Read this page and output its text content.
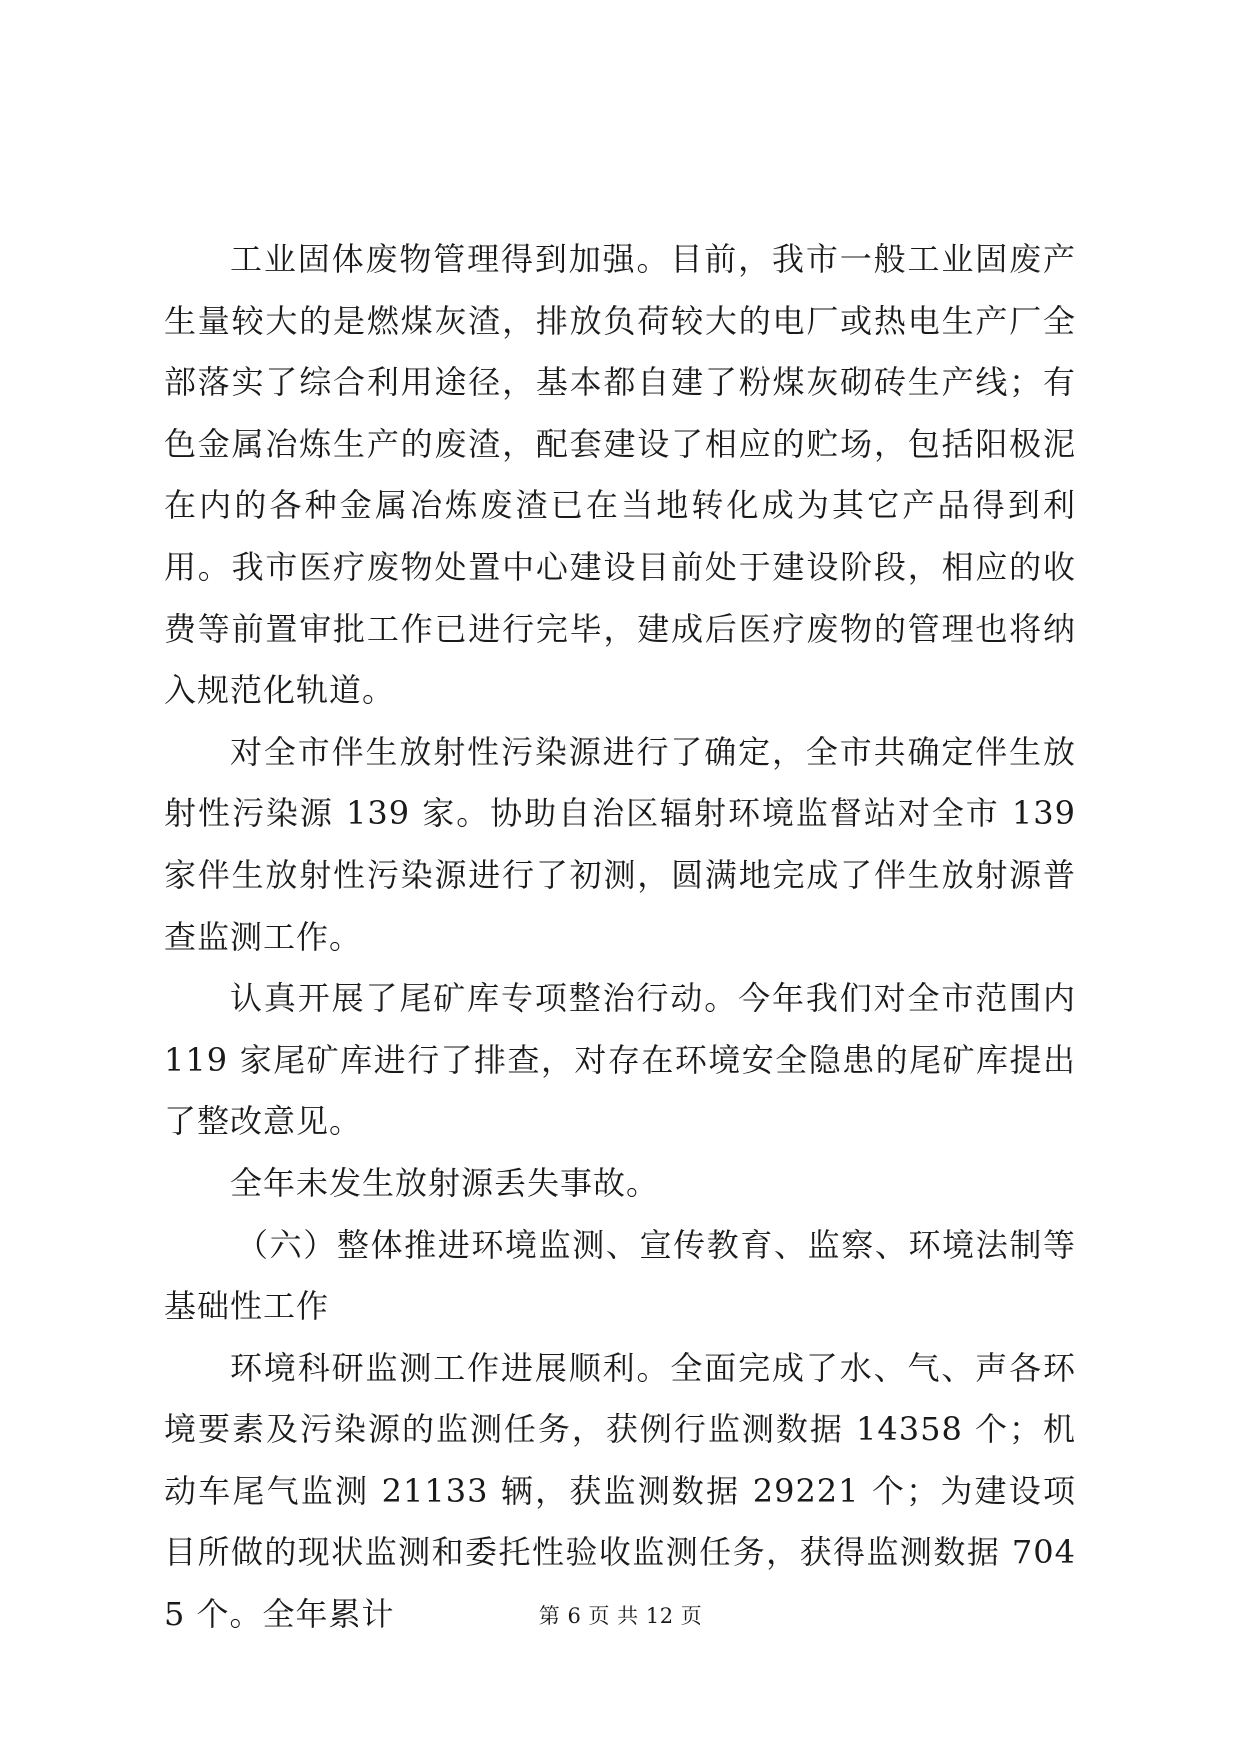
工业固体废物管理得到加强。目前，我市一般工业固废产生量较大的是燃煤灰渣，排放负荷较大的电厂或热电生产厂全部落实了综合利用途径，基本都自建了粉煤灰砌砖生产线；有色金属冶炼生产的废渣，配套建设了相应的贮场，包括阳极泥在内的各种金属冶炼废渣已在当地转化成为其它产品得到利用。我市医疗废物处置中心建设目前处于建设阶段，相应的收费等前置审批工作已进行完毕，建成后医疗废物的管理也将纳入规范化轨道。

对全市伴生放射性污染源进行了确定，全市共确定伴生放射性污染源 139 家。协助自治区辐射环境监督站对全市 139 家伴生放射性污染源进行了初测，圆满地完成了伴生放射源普查监测工作。

认真开展了尾矿库专项整治行动。今年我们对全市范围内 119 家尾矿库进行了排查，对存在环境安全隐患的尾矿库提出了整改意见。

全年未发生放射源丢失事故。

（六）整体推进环境监测、宣传教育、监察、环境法制等基础性工作

环境科研监测工作进展顺利。全面完成了水、气、声各环境要素及污染源的监测任务，获例行监测数据 14358 个；机动车尾气监测 21133 辆，获监测数据 29221 个；为建设项目所做的现状监测和委托性验收监测任务，获得监测数据 7045 个。全年累计	第 6 页 共 12 页
